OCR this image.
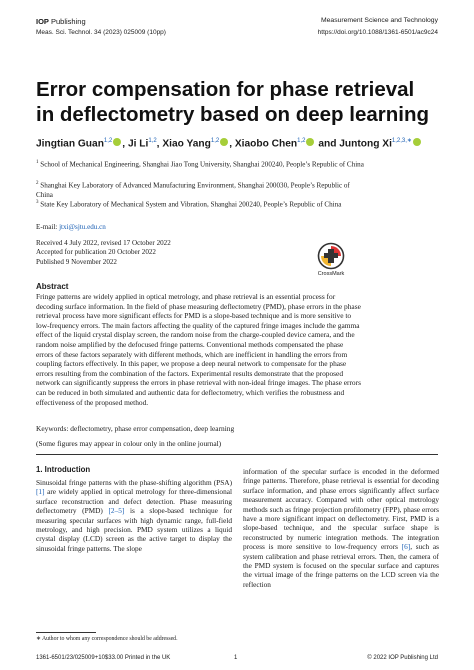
IOP Publishing	Measurement Science and Technology
Meas. Sci. Technol. 34 (2023) 025009 (10pp)	https://doi.org/10.1088/1361-6501/ac9c24
Error compensation for phase retrieval
in deflectometry based on deep learning
Jingtian Guan$^{1,2}$ , Ji Li$^{1,2}$, Xiao Yang$^{1,2}$ , Xiaobo Chen$^{1,2}$ and Juntong $Xi^{1,2,3,∗}$
$^1$ School of Mechanical Engineering, Shanghai Jiao Tong University, Shanghai 200240, People’s Republic of China
$^2$ Shanghai Key Laboratory of Advanced Manufacturing Environment, Shanghai 200030, People’s Republic of China
$^3$ State Key Laboratory of Mechanical System and Vibration, Shanghai 200240, People’s Republic of China
E-mail: jtxi@sjtu.edu.cn
Received 4 July 2022, revised 17 October 2022
Accepted for publication 20 October 2022
Published 9 November 2022
CrossMark
Abstract
Fringe patterns are widely applied in optical metrology, and phase retrieval is an essential process for decoding surface information. In the field of phase measuring deflectometry (PMD), phase errors in the phase retrieval process have more significant effects for PMD is a slope-based technique and is more sensitive to low-frequency errors. The main factors affecting the quality of the captured fringe images include the gamma effect of the liquid crystal display screen, the random noise from the charge-coupled device camera, and the random noise amplified by the defocused fringe patterns. Conventional methods compensated the phase errors of these factors separately with different methods, which are inefficient in handling the errors from coupling factors effectively. In this paper, we propose a deep neural network to compensate for the phase errors resulting from the combination of the factors. Experimental results demonstrate that the proposed network can significantly suppress the errors in phase retrieval with non-ideal fringe images. The phase errors can be reduced in both simulated and authentic data for deflectometry, which verifies the robustness and effectiveness of the proposed method.
Keywords: deflectometry, phase error compensation, deep learning
(Some figures may appear in colour only in the online journal)
1. Introduction
Sinusoidal fringe patterns with the phase-shifting algorithm (PSA) [1] are widely applied in optical metrology for three-dimensional surface reconstruction and defect detection. Phase measuring deflectometry (PMD) [2–5] is a slope-based technique for measuring specular surfaces with high dynamic range, full-field metrology, and high precision. PMD system utilizes a liquid crystal display (LCD) screen as the active target to display the sinusoidal fringe patterns. The slope
information of the specular surface is encoded in the deformed fringe patterns. Therefore, phase retrieval is essential for decoding surface information, and phase errors significantly affect surface measurement accuracy. Compared with other optical metrology methods such as fringe projection profilometry (FPP), phase errors have a more significant impact on deflectometry. First, PMD is a slope-based technique, and the specular surface shape is reconstructed by numeric integration methods. The integration process is more sensitive to low-frequency errors [6], such as system calibration and phase retrieval errors. Then, the camera of the PMD system is focused on the specular surface and captures the virtual image of the fringe patterns on the LCD screen via the reflection
∗ Author to whom any correspondence should be addressed.
1361-6501/23/025009+10$33.00 Printed in the UK	1	© 2022 IOP Publishing Ltd
